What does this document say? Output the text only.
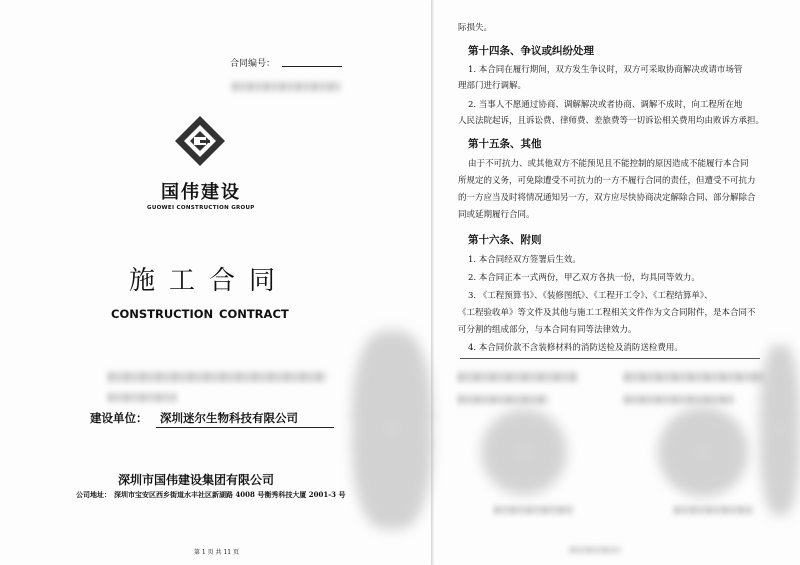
合同编号：
国伟建设
GUOWEI CONSTRUCTION GROUP
施工合同
CONSTRUCTION CONTRACT
建设单位： 深圳迷尔生物科技有限公司
深圳市国伟建设集团有限公司
公司地址： 深圳市宝安区西乡街道水丰社区新湖路 4008 号衡秀科技大厦 2001-3 号
第 1 页 共 11 页
际损失。
第十四条、争议或纠纷处理
1. 本合同在履行期间，双方发生争议时，双方可采取协商解决或请市场管
理部门进行调解。
2. 当事人不愿通过协商、调解解决或者协商、调解不成时，向工程所在地
人民法院起诉，且诉讼费、律师费、差旅费等一切诉讼相关费用均由败诉方承担。
第十五条、其他
由于不可抗力、或其他双方不能预见且不能控制的原因造成不能履行本合同
所规定的义务，可免除遭受不可抗力的一方不履行合同的责任，但遭受不可抗力
的一方应当及时将情况通知另一方，双方应尽快协商决定解除合同、部分解除合
同或延期履行合同。
第十六条、附则
1. 本合同经双方签署后生效。
2. 本合同正本一式两份，甲乙双方各执一份，均具同等效力。
3. 《工程预算书》、《装修图纸》、《工程开工令》、《工程结算单》、
《工程验收单》等文件及其他与施工工程相关文件作为文合同附件，是本合同不
可分割的组成部分，与本合同有同等法律效力。
4. 本合同价款不含装修材料的消防送检及消防送检费用。
